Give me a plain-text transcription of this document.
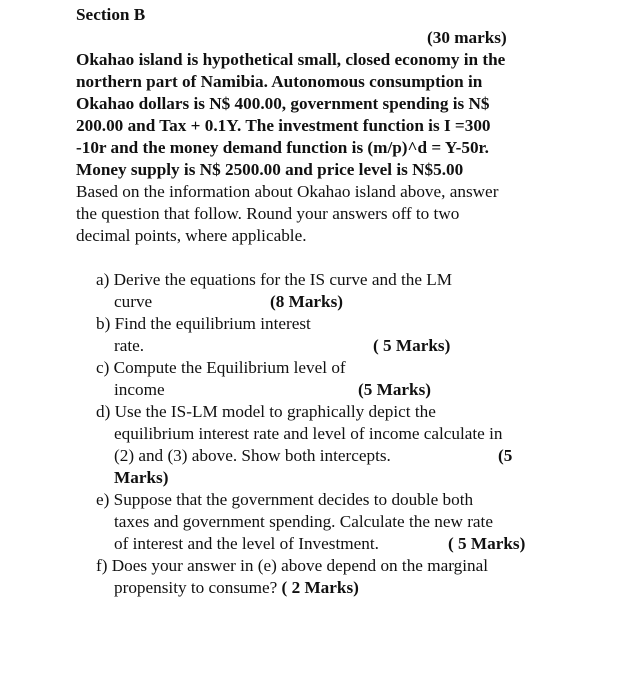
Section B
(30 marks)
Okahao island is hypothetical small, closed economy in the
northern part of Namibia. Autonomous consumption in
Okahao dollars is N$ 400.00, government spending is N$
200.00 and Tax + 0.1Y. The investment function is I =300
-10r and the money demand function is (m/p)^d = Y-50r.
Money supply is N$ 2500.00 and price level is N$5.00
Based on the information about Okahao island above, answer
the question that follow. Round your answers off to two
decimal points, where applicable.
a) Derive the equations for the IS curve and the LM
curve	(8 Marks)
b) Find the equilibrium interest
rate.	( 5 Marks)
c) Compute the Equilibrium level of
income	(5 Marks)
d) Use the IS-LM model to graphically depict the
equilibrium interest rate and level of income calculate in
(2) and (3) above. Show both intercepts.	(5
Marks)
e) Suppose that the government decides to double both
taxes and government spending. Calculate the new rate
of interest and the level of Investment.	( 5 Marks)
f) Does your answer in (e) above depend on the marginal
propensity to consume? ( 2 Marks)
